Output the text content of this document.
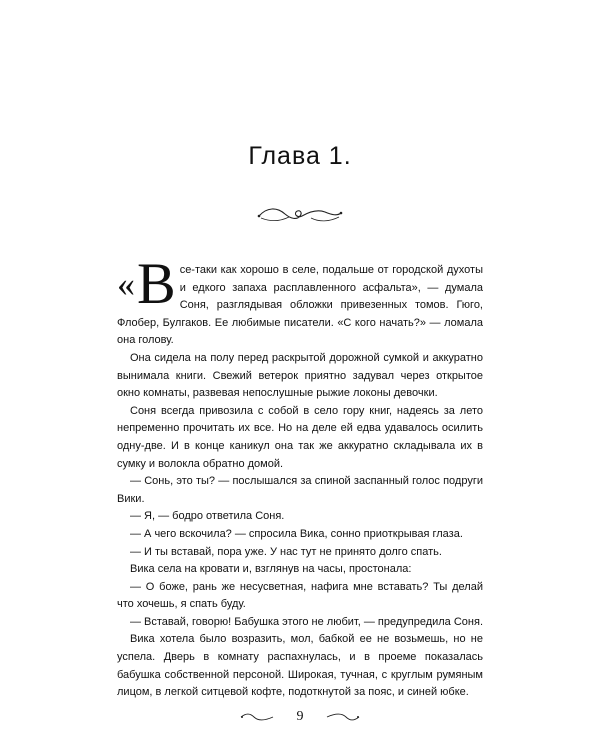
Глава 1.

« В се-таки как хорошо в селе, подальше от городской духоты и едкого запаха расплавленного асфальта», — думала Соня, разглядывая обложки привезенных томов. Гюго, Флобер, Булгаков. Ее любимые писатели. «С кого начать?» — ломала она голову.

Она сидела на полу перед раскрытой дорожной сумкой и аккуратно вынимала книги. Свежий ветерок приятно задувал через открытое окно комнаты, развевая непослушные рыжие локоны девочки.

Соня всегда привозила с собой в село гору книг, надеясь за лето непременно прочитать их все. Но на деле ей едва удавалось осилить одну-две. И в конце каникул она так же аккуратно складывала их в сумку и волокла обратно домой.

— Сонь, это ты? — послышался за спиной заспанный голос подруги Вики.

— Я, — бодро ответила Соня.

— А чего вскочила? — спросила Вика, сонно приоткрывая глаза.

— И ты вставай, пора уже. У нас тут не принято долго спать.

Вика села на кровати и, взглянув на часы, простонала:

— О боже, рань же несусветная, нафига мне вставать? Ты делай что хочешь, я спать буду.

— Вставай, говорю! Бабушка этого не любит, — предупредила Соня.

Вика хотела было возразить, мол, бабкой ее не возьмешь, но не успела. Дверь в комнату распахнулась, и в проеме показалась бабушка собственной персоной. Широкая, тучная, с круглым румяным лицом, в легкой ситцевой кофте, подоткнутой за пояс, и синей юбке.

9
